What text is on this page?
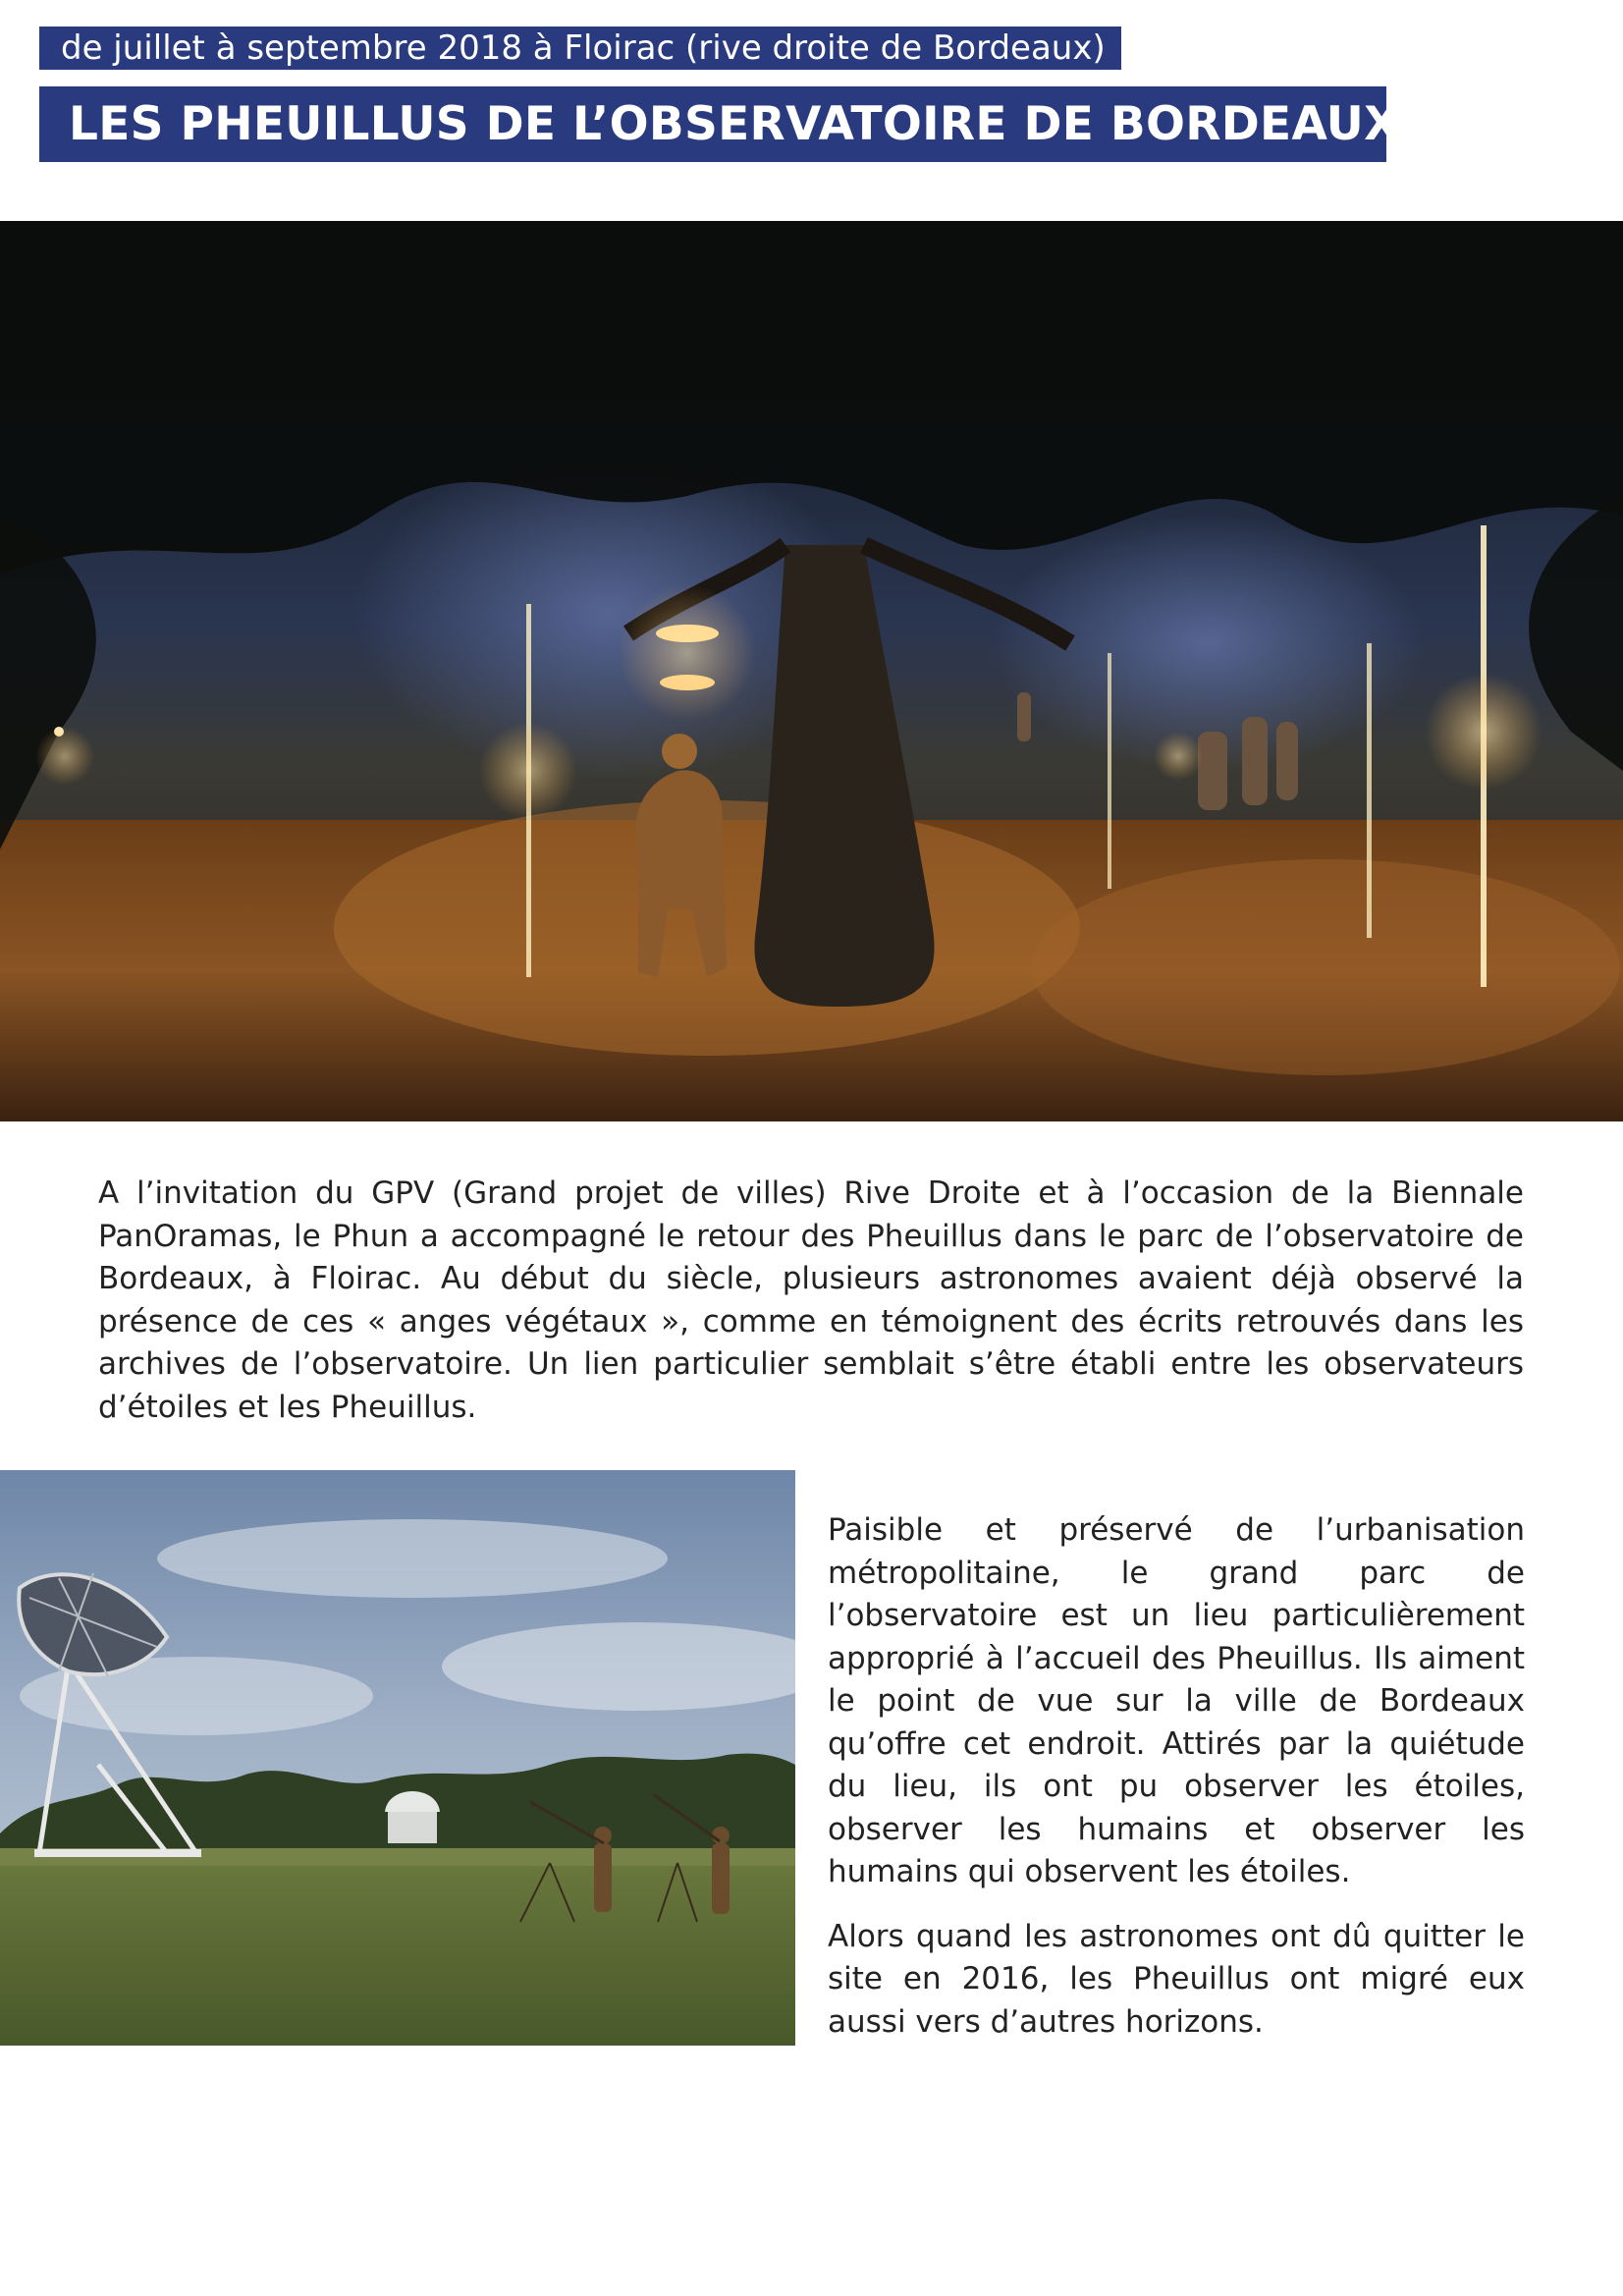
de juillet à septembre 2018 à Floirac (rive droite de Bordeaux)
LES PHEUILLUS DE L’OBSERVATOIRE DE BORDEAUX

A l’invitation du GPV (Grand projet de villes) Rive Droite et à l’occasion de la Biennale PanOramas, le Phun a accompagné le retour des Pheuillus dans le parc de l’observatoire de Bordeaux, à Floirac. Au début du siècle, plusieurs astronomes avaient déjà observé la présence de ces « anges végétaux », comme en témoignent des écrits retrouvés dans les archives de l’observatoire. Un lien particulier semblait s’être établi entre les observateurs d’étoiles et les Pheuillus.

Paisible et préservé de l’urbanisation métropolitaine, le grand parc de l’observatoire est un lieu particulièrement approprié à l’accueil des Pheuillus. Ils aiment le point de vue sur la ville de Bordeaux qu’offre cet endroit. Attirés par la quiétude du lieu, ils ont pu observer les étoiles, observer les humains et observer les humains qui observent les étoiles.

Alors quand les astronomes ont dû quitter le site en 2016, les Pheuillus ont migré eux aussi vers d’autres horizons.
